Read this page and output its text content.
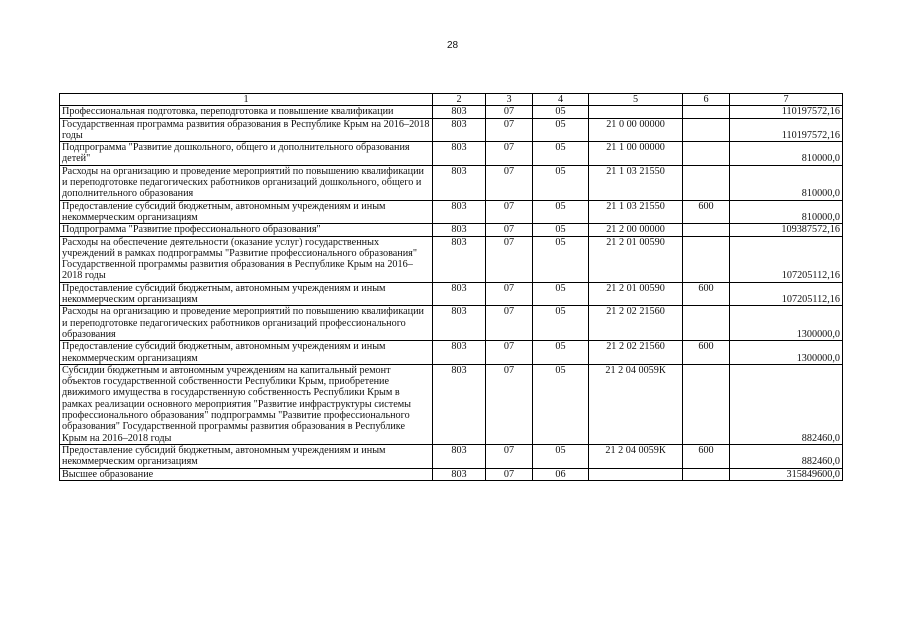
28
1	2	3	4	5	6	7
Профессиональная подготовка, переподготовка и повышение квалификации	803	07	05			110197572,16
Государственная программа развития образования в Республике Крым на 2016–2018 годы	803	07	05	21 0 00 00000		110197572,16
Подпрограмма "Развитие дошкольного, общего и дополнительного образования детей"	803	07	05	21 1 00 00000		810000,0
Расходы на организацию и проведение мероприятий по повышению квалификации и переподготовке педагогических работников организаций дошкольного, общего и дополнительного образования	803	07	05	21 1 03 21550		810000,0
Предоставление субсидий бюджетным, автономным учреждениям и иным некоммерческим организациям	803	07	05	21 1 03 21550	600	810000,0
Подпрограмма "Развитие профессионального образования"	803	07	05	21 2 00 00000		109387572,16
Расходы на обеспечение деятельности (оказание услуг) государственных учреждений в рамках подпрограммы "Развитие профессионального образования" Государственной программы развития образования в Республике Крым на 2016–2018 годы	803	07	05	21 2 01 00590		107205112,16
Предоставление субсидий бюджетным, автономным учреждениям и иным некоммерческим организациям	803	07	05	21 2 01 00590	600	107205112,16
Расходы на организацию и проведение мероприятий по повышению квалификации и переподготовке педагогических работников организаций профессионального образования	803	07	05	21 2 02 21560		1300000,0
Предоставление субсидий бюджетным, автономным учреждениям и иным некоммерческим организациям	803	07	05	21 2 02 21560	600	1300000,0
Субсидии бюджетным и автономным учреждениям на капитальный ремонт объектов государственной собственности Республики Крым, приобретение движимого имущества в государственную собственность Республики Крым в рамках реализации основного мероприятия "Развитие инфраструктуры системы профессионального образования" подпрограммы "Развитие профессионального образования" Государственной программы развития образования в Республике Крым на 2016–2018 годы	803	07	05	21 2 04 0059К		882460,0
Предоставление субсидий бюджетным, автономным учреждениям и иным некоммерческим организациям	803	07	05	21 2 04 0059К	600	882460,0
Высшее образование	803	07	06			315849600,0
